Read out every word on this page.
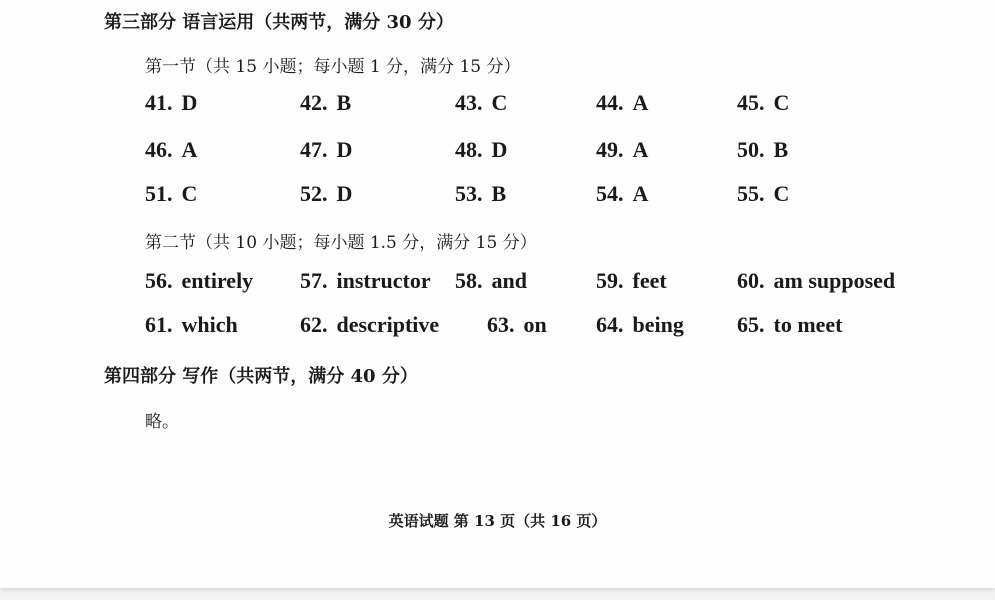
第三部分 语言运用（共两节，满分 30 分）
第一节（共 15 小题；每小题 1 分，满分 15 分）
41. D	42. B	43. C	44. A	45. C
46. A	47. D	48. D	49. A	50. B
51. C	52. D	53. B	54. A	55. C
第二节（共 10 小题；每小题 1.5 分，满分 15 分）
56. entirely 57. instructor 58. and	59. feet	60. am supposed
61. which	62. descriptive 63. on 64. being 65. to meet
第四部分 写作（共两节，满分 40 分）
略。
英语试题 第 13 页（共 16 页）
